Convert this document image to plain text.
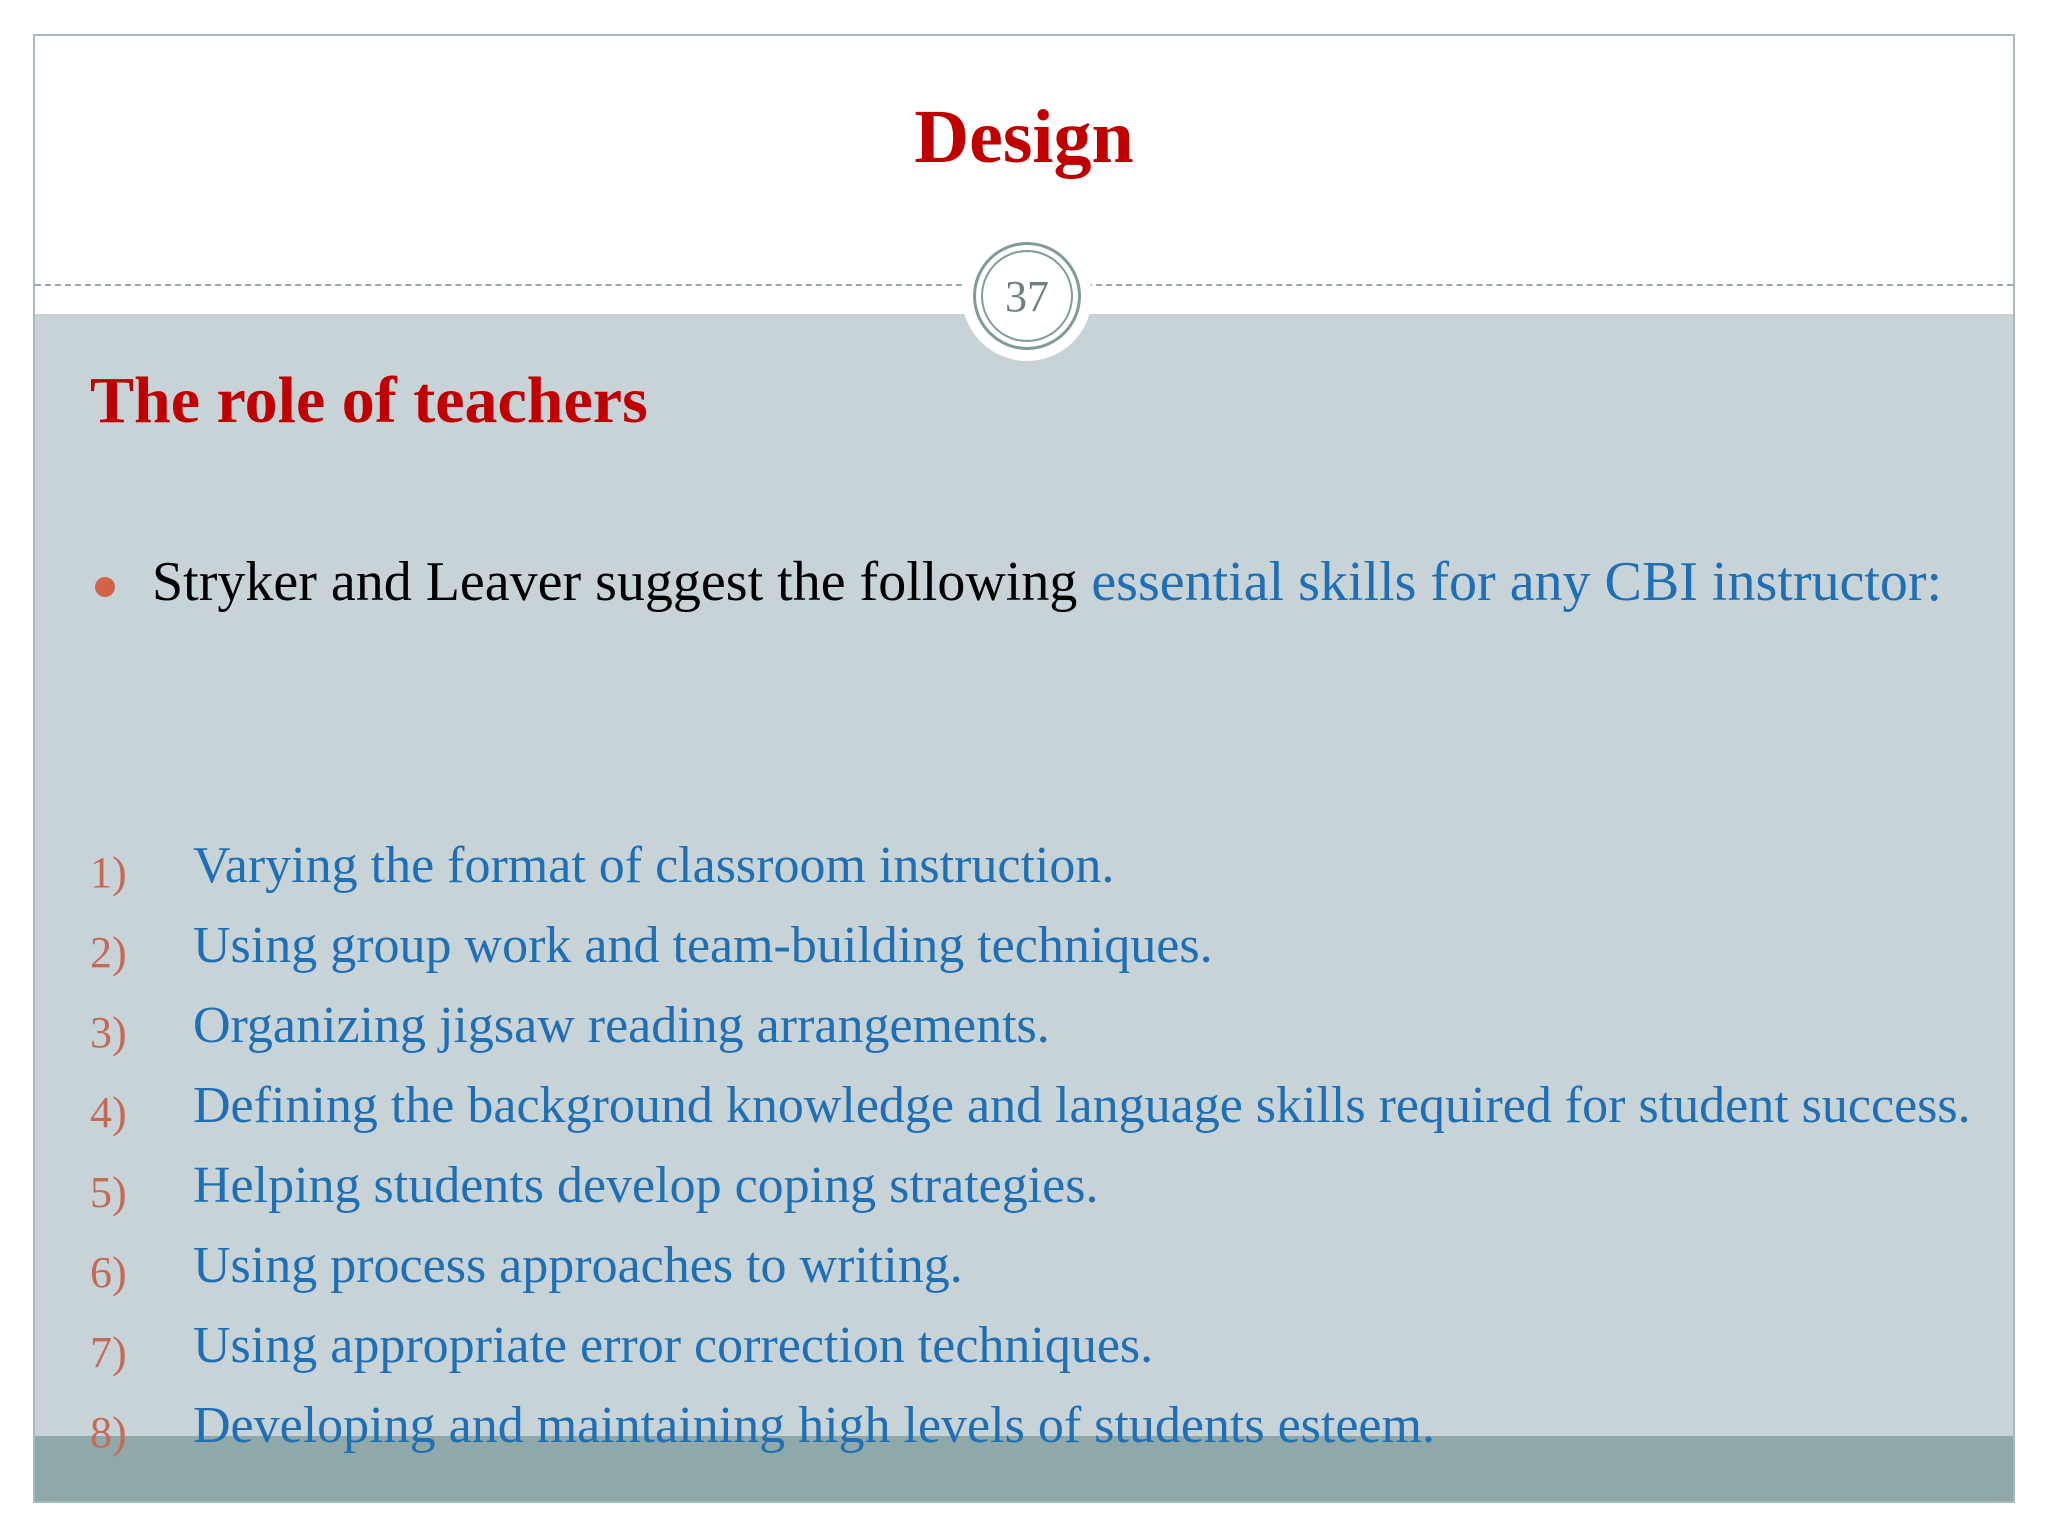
Design
37
The role of teachers
Stryker and Leaver suggest the following essential skills for any CBI instructor:
1) Varying the format of classroom instruction.
2) Using group work and team-building techniques.
3) Organizing jigsaw reading arrangements.
4) Defining the background knowledge and language skills required for student success.
5) Helping students develop coping strategies.
6) Using process approaches to writing.
7) Using appropriate error correction techniques.
8) Developing and maintaining high levels of students esteem.
